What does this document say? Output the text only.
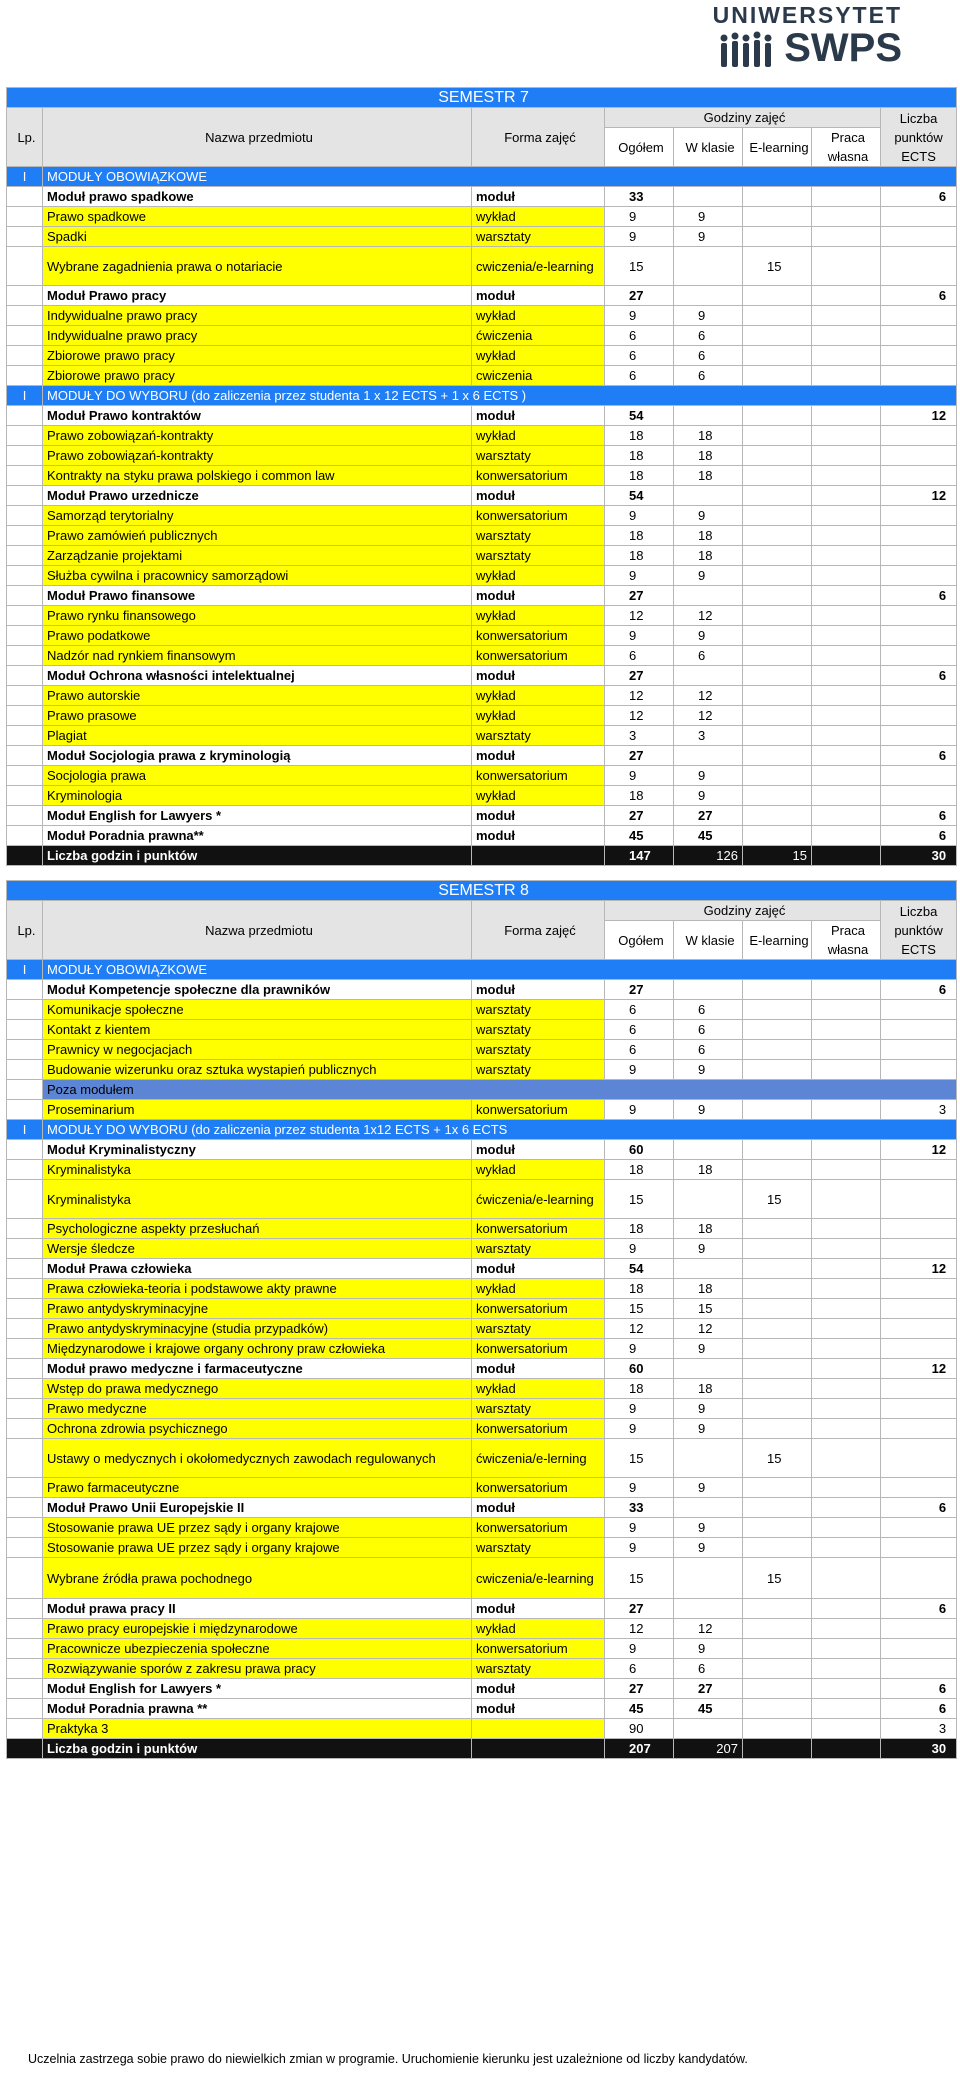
UNIWERSYTET
SWPS
SEMESTR 7							
Lp.	Nazwa przedmiotu	Forma zajęć	Godziny zajęć				Liczba punktów ECTS
			Ogółem	W klasie	E-learning	Praca własna	
I	MODUŁY OBOWIĄZKOWE						
	Moduł prawo spadkowe	moduł	33				6
	Prawo spadkowe	wykład	9	9			
	Spadki	warsztaty	9	9			
	Wybrane zagadnienia prawa o notariacie	cwiczenia/e-learning	15		15		
	Moduł Prawo pracy	moduł	27				6
	Indywidualne prawo pracy	wykład	9	9			
	Indywidualne prawo pracy	ćwiczenia	6	6			
	Zbiorowe prawo pracy	wykład	6	6			
	Zbiorowe prawo pracy	cwiczenia	6	6			
I	MODUŁY DO WYBORU (do zaliczenia przez studenta 1 x 12 ECTS + 1 x 6 ECTS )						
	Moduł Prawo kontraktów	moduł	54				12
	Prawo zobowiązań-kontrakty	wykład	18	18			
	Prawo zobowiązań-kontrakty	warsztaty	18	18			
	Kontrakty na styku prawa polskiego i common law	konwersatorium	18	18			
	Moduł Prawo urzednicze	moduł	54				12
	Samorząd terytorialny	konwersatorium	9	9			
	Prawo zamówień publicznych	warsztaty	18	18			
	Zarządzanie projektami	warsztaty	18	18			
	Służba cywilna i pracownicy samorządowi	wykład	9	9			
	Moduł Prawo finansowe	moduł	27				6
	Prawo rynku finansowego	wykład	12	12			
	Prawo podatkowe	konwersatorium	9	9			
	Nadzór nad rynkiem finansowym	konwersatorium	6	6			
	Moduł Ochrona własności intelektualnej	moduł	27				6
	Prawo autorskie	wykład	12	12			
	Prawo prasowe	wykład	12	12			
	Plagiat	warsztaty	3	3			
	Moduł Socjologia prawa z kryminologią	moduł	27				6
	Socjologia prawa	konwersatorium	9	9			
	Kryminologia	wykład	18	9			
	Moduł English for Lawyers *	moduł	27	27			6
	Moduł Poradnia prawna**	moduł	45	45			6
	Liczba godzin i punktów		147	126	15		30
SEMESTR 8							
Lp.	Nazwa przedmiotu	Forma zajęć	Godziny zajęć				Liczba punktów ECTS
			Ogółem	W klasie	E-learning	Praca własna	
I	MODUŁY OBOWIĄZKOWE						
	Moduł Kompetencje społeczne dla prawników	moduł	27				6
	Komunikacje społeczne	warsztaty	6	6			
	Kontakt z kientem	warsztaty	6	6			
	Prawnicy w negocjacjach	warsztaty	6	6			
	Budowanie wizerunku oraz sztuka wystapień publicznych	warsztaty	9	9			
	Poza modułem						
	Proseminarium	konwersatorium	9	9			3
I	MODUŁY DO WYBORU (do zaliczenia przez studenta 1x12 ECTS + 1x 6 ECTS						
	Moduł Kryminalistyczny	moduł	60				12
	Kryminalistyka	wykład	18	18			
	Kryminalistyka	ćwiczenia/e-learning	15		15		
	Psychologiczne aspekty przesłuchań	konwersatorium	18	18			
	Wersje śledcze	warsztaty	9	9			
	Moduł Prawa człowieka	moduł	54				12
	Prawa człowieka-teoria i podstawowe akty prawne	wykład	18	18			
	Prawo antydyskryminacyjne	konwersatorium	15	15			
	Prawo antydyskryminacyjne (studia przypadków)	warsztaty	12	12			
	Międzynarodowe i krajowe organy ochrony praw człowieka	konwersatorium	9	9			
	Moduł prawo medyczne i farmaceutyczne	moduł	60				12
	Wstęp do prawa medycznego	wykład	18	18			
	Prawo medyczne	warsztaty	9	9			
	Ochrona zdrowia psychicznego	konwersatorium	9	9			
	Ustawy o medycznych i okołomedycznych zawodach regulowanych	ćwiczenia/e-lerning	15		15		
	Prawo farmaceutyczne	konwersatorium	9	9			
	Moduł Prawo Unii Europejskie II	moduł	33				6
	Stosowanie prawa UE przez sądy i organy krajowe	konwersatorium	9	9			
	Stosowanie prawa UE przez sądy i organy krajowe	warsztaty	9	9			
	Wybrane źródła prawa pochodnego	cwiczenia/e-learning	15		15		
	Moduł prawa pracy II	moduł	27				6
	Prawo pracy europejskie i międzynarodowe	wykład	12	12			
	Pracownicze ubezpieczenia społeczne	konwersatorium	9	9			
	Rozwiązywanie sporów z zakresu prawa pracy	warsztaty	6	6			
	Moduł English for Lawyers *	moduł	27	27			6
	Moduł Poradnia prawna **	moduł	45	45			6
	Praktyka 3		90				3
	Liczba godzin i punktów		207	207			30
Uczelnia zastrzega sobie prawo do niewielkich zmian w programie. Uruchomienie kierunku jest uzależnione od liczby kandydatów.
